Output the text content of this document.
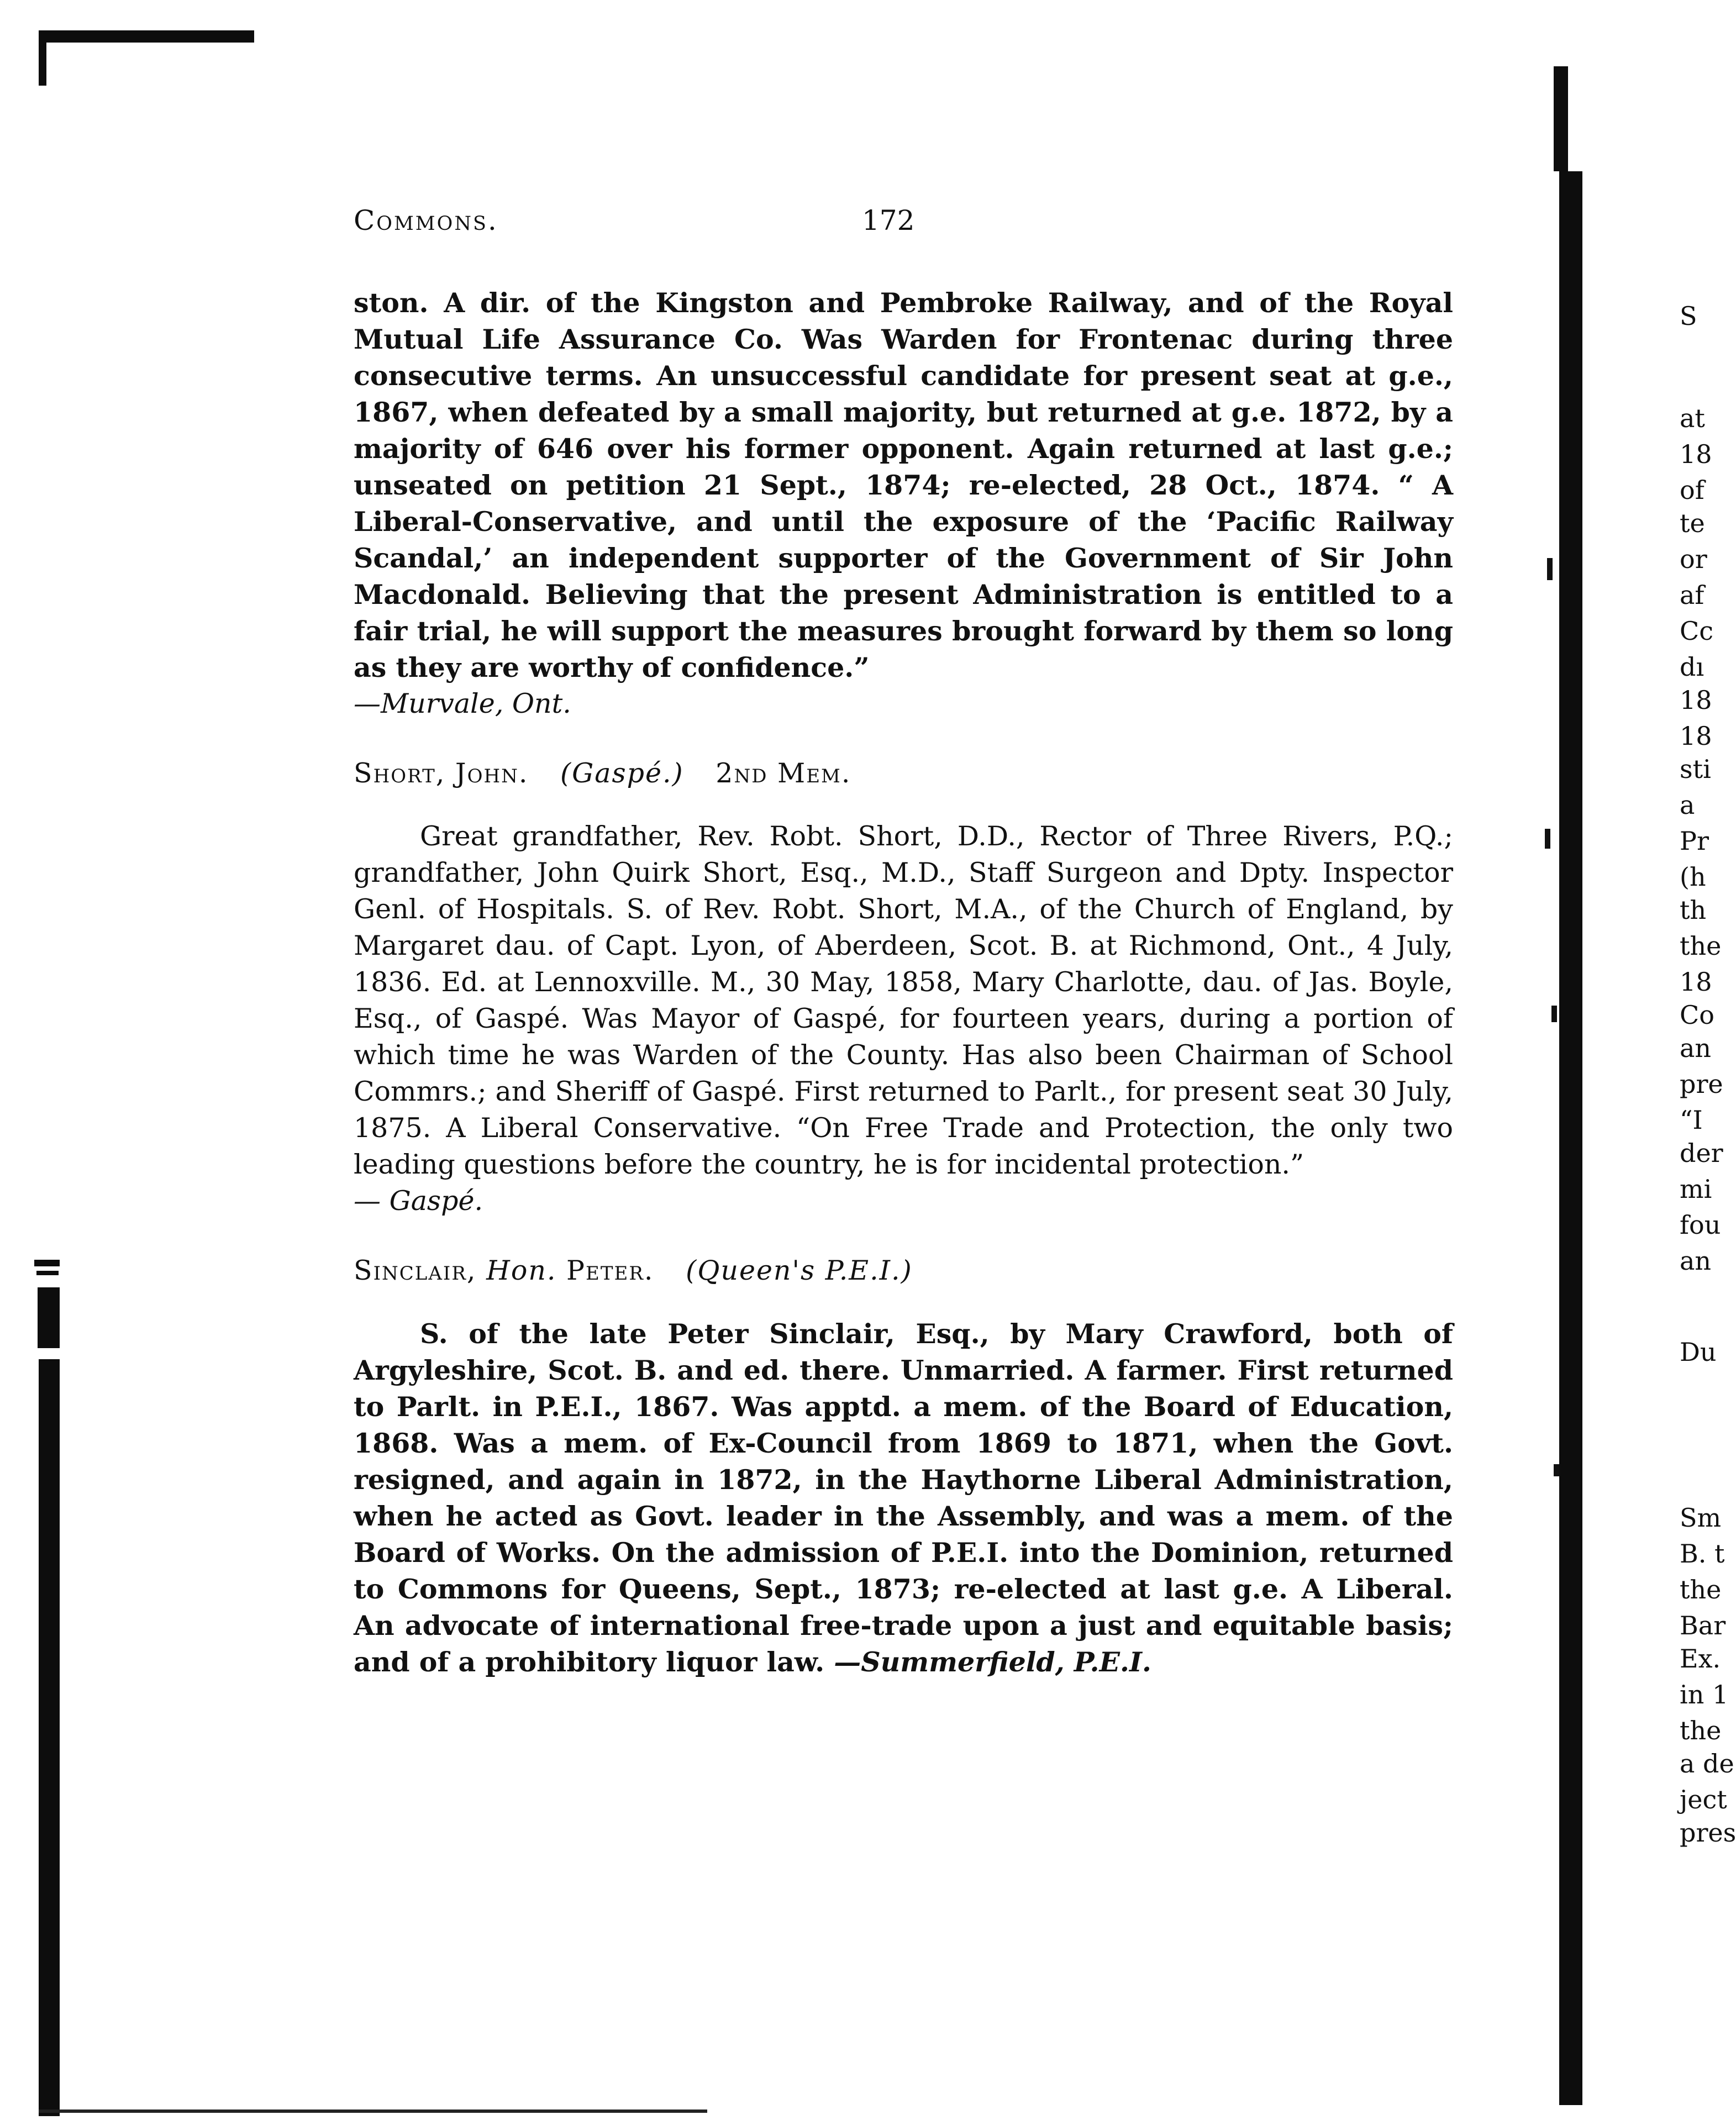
Commons.	172

ston. A dir. of the Kingston and Pembroke Railway, and of the Royal Mutual Life Assurance Co. Was Warden for Frontenac during three consecutive terms. An unsuccessful candidate for present seat at g.e., 1867, when defeated by a small majority, but returned at g.e. 1872, by a majority of 646 over his former opponent. Again returned at last g.e.; unseated on petition 21 Sept., 1874; re-elected, 28 Oct., 1874. “ A Liberal-Conservative, and until the exposure of the ‘Pacific Railway Scandal,’ an independent supporter of the Government of Sir John Macdonald. Believing that the present Administration is entitled to a fair trial, he will support the measures brought forward by them so long as they are worthy of confidence.”

—Murvale, Ont.

Short, John. (Gaspé.) 2nd Mem.

Great grandfather, Rev. Robt. Short, D.D., Rector of Three Rivers, P.Q.; grandfather, John Quirk Short, Esq., M.D., Staff Surgeon and Dpty. Inspector Genl. of Hospitals. S. of Rev. Robt. Short, M.A., of the Church of England, by Margaret dau. of Capt. Lyon, of Aberdeen, Scot. B. at Richmond, Ont., 4 July, 1836. Ed. at Lennoxville. M., 30 May, 1858, Mary Charlotte, dau. of Jas. Boyle, Esq., of Gaspé. Was Mayor of Gaspé, for fourteen years, during a portion of which time he was Warden of the County. Has also been Chairman of School Commrs.; and Sheriff of Gaspé. First returned to Parlt., for present seat 30 July, 1875. A Liberal Conservative. “On Free Trade and Protection, the only two leading questions before the country, he is for incidental protection.”

— Gaspé.

Sinclair, Hon. Peter. (Queen's P.E.I.)

S. of the late Peter Sinclair, Esq., by Mary Crawford, both of Argyleshire, Scot. B. and ed. there. Unmarried. A farmer. First returned to Parlt. in P.E.I., 1867. Was apptd. a mem. of the Board of Education, 1868. Was a mem. of Ex-Council from 1869 to 1871, when the Govt. resigned, and again in 1872, in the Haythorne Liberal Administration, when he acted as Govt. leader in the Assembly, and was a mem. of the Board of Works. On the admission of P.E.I. into the Dominion, returned to Commons for Queens, Sept., 1873; re-elected at last g.e. A Liberal. An advocate of international free-trade upon a just and equitable basis; and of a prohibitory liquor law. —Summerfield, P.E.I.

S
at
18
of
te
or
af
Cc
dı
18
18
sti
a
Pr
(h
th
the
18
Co
an
pre
“I
der
mi
fou
an
Du
Sm
B. t
the
Bar
Ex.
in 1
the
a de
ject
pres
